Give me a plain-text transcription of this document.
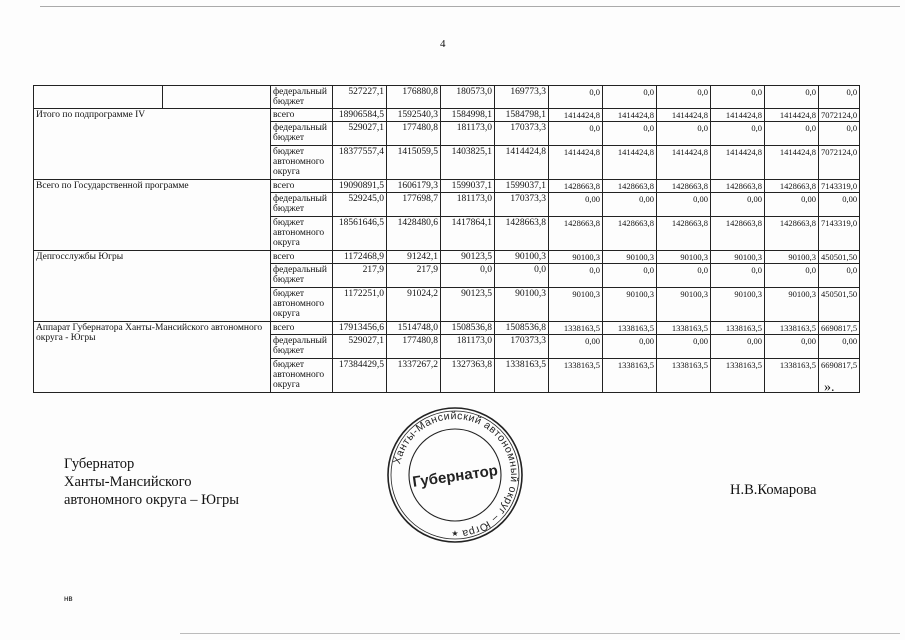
4
		федеральный бюджет	527227,1	176880,8	180573,0	169773,3	0,0	0,0	0,0	0,0	0,0	0,0
Итого по подпрограмме IV		всего	18906584,5	1592540,3	1584998,1	1584798,1	1414424,8	1414424,8	1414424,8	1414424,8	1414424,8	7072124,0
		федеральный бюджет	529027,1	177480,8	181173,0	170373,3	0,0	0,0	0,0	0,0	0,0	0,0
		бюджет автономного округа	18377557,4	1415059,5	1403825,1	1414424,8	1414424,8	1414424,8	1414424,8	1414424,8	1414424,8	7072124,0
Всего по Государственной программе		всего	19090891,5	1606179,3	1599037,1	1599037,1	1428663,8	1428663,8	1428663,8	1428663,8	1428663,8	7143319,0
		федеральный бюджет	529245,0	177698,7	181173,0	170373,3	0,00	0,00	0,00	0,00	0,00	0,00
		бюджет автономного округа	18561646,5	1428480,6	1417864,1	1428663,8	1428663,8	1428663,8	1428663,8	1428663,8	1428663,8	7143319,0
Депгосслужбы Югры		всего	1172468,9	91242,1	90123,5	90100,3	90100,3	90100,3	90100,3	90100,3	90100,3	450501,50
		федеральный бюджет	217,9	217,9	0,0	0,0	0,0	0,0	0,0	0,0	0,0	0,0
		бюджет автономного округа	1172251,0	91024,2	90123,5	90100,3	90100,3	90100,3	90100,3	90100,3	90100,3	450501,50
Аппарат Губернатора Ханты-Мансийского автономного округа - Югры		всего	17913456,6	1514748,0	1508536,8	1508536,8	1338163,5	1338163,5	1338163,5	1338163,5	1338163,5	6690817,5
		федеральный бюджет	529027,1	177480,8	181173,0	170373,3	0,00	0,00	0,00	0,00	0,00	0,00
		бюджет автономного округа	17384429,5	1337267,2	1327363,8	1338163,5	1338163,5	1338163,5	1338163,5	1338163,5	1338163,5	6690817,5
».
Губернатор
Ханты-Мансийского
автономного округа – Югры
Ханты-Мансийский автономный округ – Югра
Губернатор
★
Н.В.Комарова
нв
